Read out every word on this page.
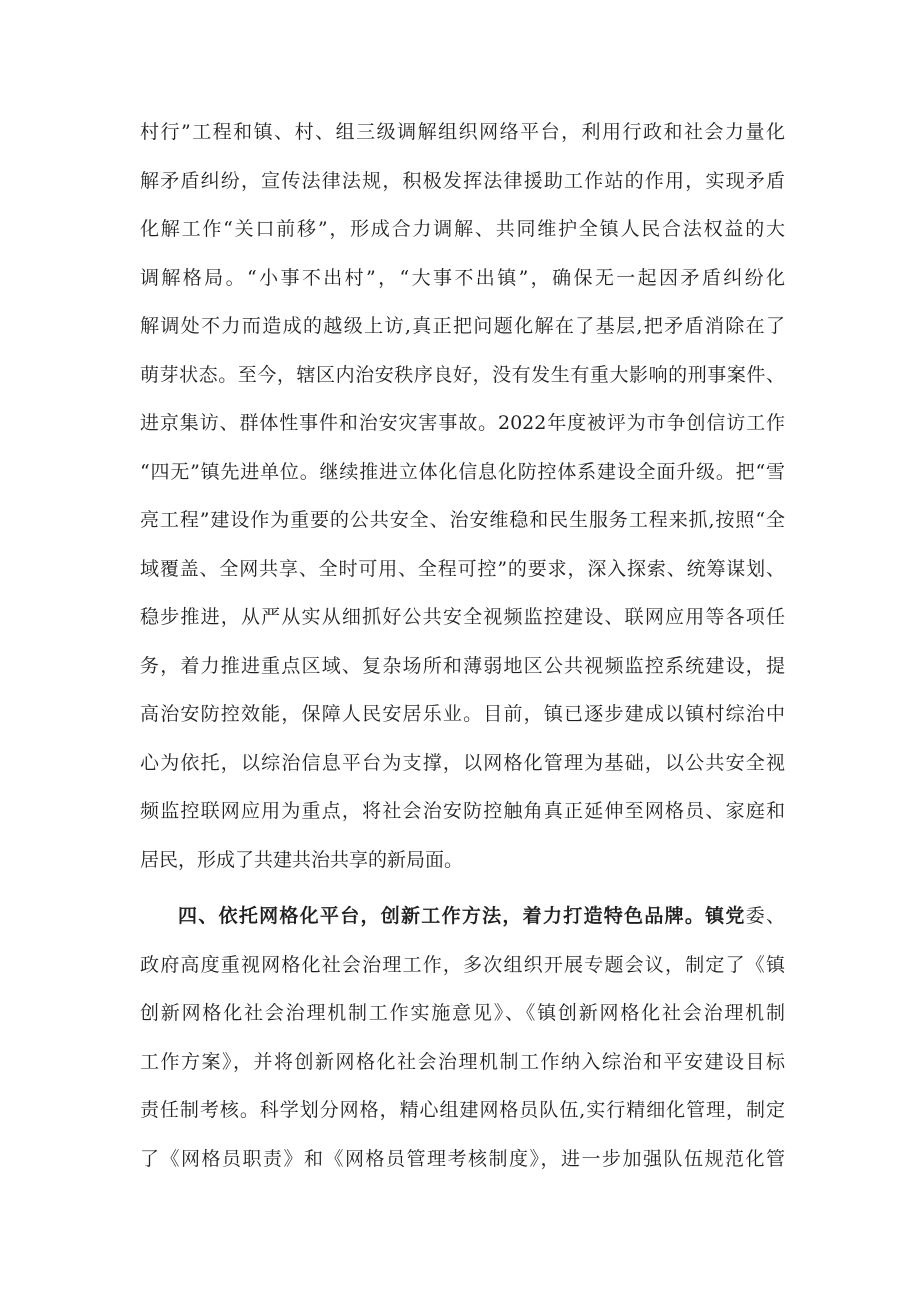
村行”工程和镇、村、组三级调解组织网络平台，利用行政和社会力量化
解矛盾纠纷，宣传法律法规，积极发挥法律援助工作站的作用，实现矛盾
化解工作“关口前移”，形成合力调解、共同维护全镇人民合法权益的大
调解格局。“小事不出村”，“大事不出镇”，确保无一起因矛盾纠纷化
解调处不力而造成的越级上访,真正把问题化解在了基层,把矛盾消除在了
萌芽状态。至今，辖区内治安秩序良好，没有发生有重大影响的刑事案件、
进京集访、群体性事件和治安灾害事故。2022年度被评为市争创信访工作
“四无”镇先进单位。继续推进立体化信息化防控体系建设全面升级。把“雪
亮工程”建设作为重要的公共安全、治安维稳和民生服务工程来抓,按照“全
域覆盖、全网共享、全时可用、全程可控”的要求，深入探索、统筹谋划、
稳步推进，从严从实从细抓好公共安全视频监控建设、联网应用等各项任
务，着力推进重点区域、复杂场所和薄弱地区公共视频监控系统建设，提
高治安防控效能，保障人民安居乐业。目前，镇已逐步建成以镇村综治中
心为依托，以综治信息平台为支撑，以网格化管理为基础，以公共安全视
频监控联网应用为重点，将社会治安防控触角真正延伸至网格员、家庭和
居民，形成了共建共治共享的新局面。
四、依托网格化平台，创新工作方法，着力打造特色品牌。镇党委、
政府高度重视网格化社会治理工作，多次组织开展专题会议，制定了《镇
创新网格化社会治理机制工作实施意见》、《镇创新网格化社会治理机制
工作方案》，并将创新网格化社会治理机制工作纳入综治和平安建设目标
责任制考核。科学划分网格，精心组建网格员队伍,实行精细化管理，制定
了《网格员职责》和《网格员管理考核制度》，进一步加强队伍规范化管
